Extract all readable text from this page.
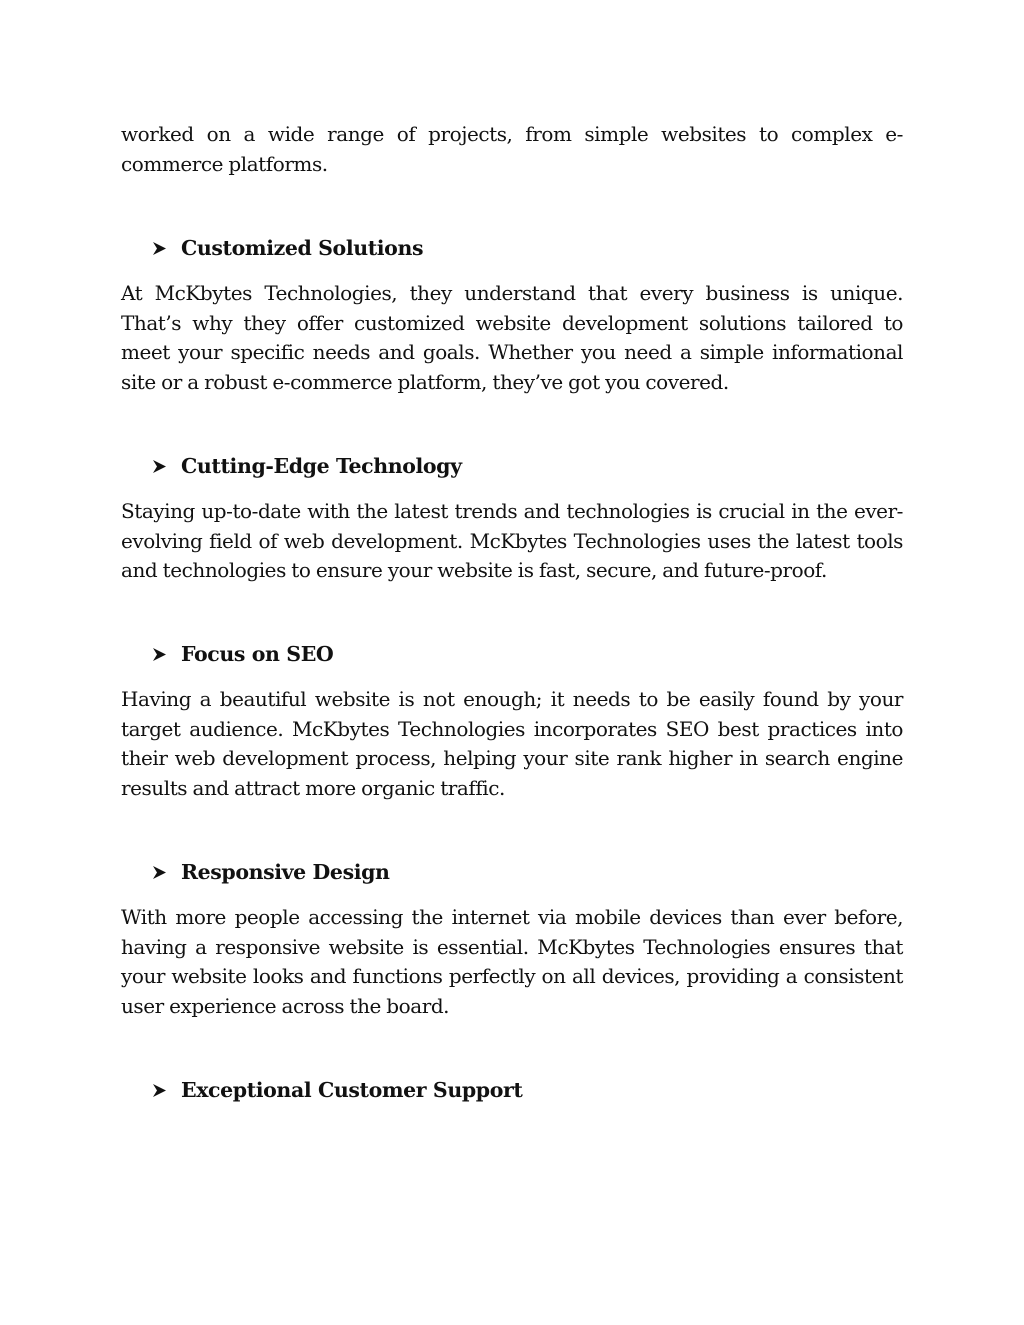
worked on a wide range of projects, from simple websites to complex e-commerce platforms.

Customized Solutions

At McKbytes Technologies, they understand that every business is unique. That’s why they offer customized website development solutions tailored to meet your specific needs and goals. Whether you need a simple informational site or a robust e-commerce platform, they’ve got you covered.

Cutting-Edge Technology

Staying up-to-date with the latest trends and technologies is crucial in the ever-evolving field of web development. McKbytes Technologies uses the latest tools and technologies to ensure your website is fast, secure, and future-proof.

Focus on SEO

Having a beautiful website is not enough; it needs to be easily found by your target audience. McKbytes Technologies incorporates SEO best practices into their web development process, helping your site rank higher in search engine results and attract more organic traffic.

Responsive Design

With more people accessing the internet via mobile devices than ever before, having a responsive website is essential. McKbytes Technologies ensures that your website looks and functions perfectly on all devices, providing a consistent user experience across the board.

Exceptional Customer Support
